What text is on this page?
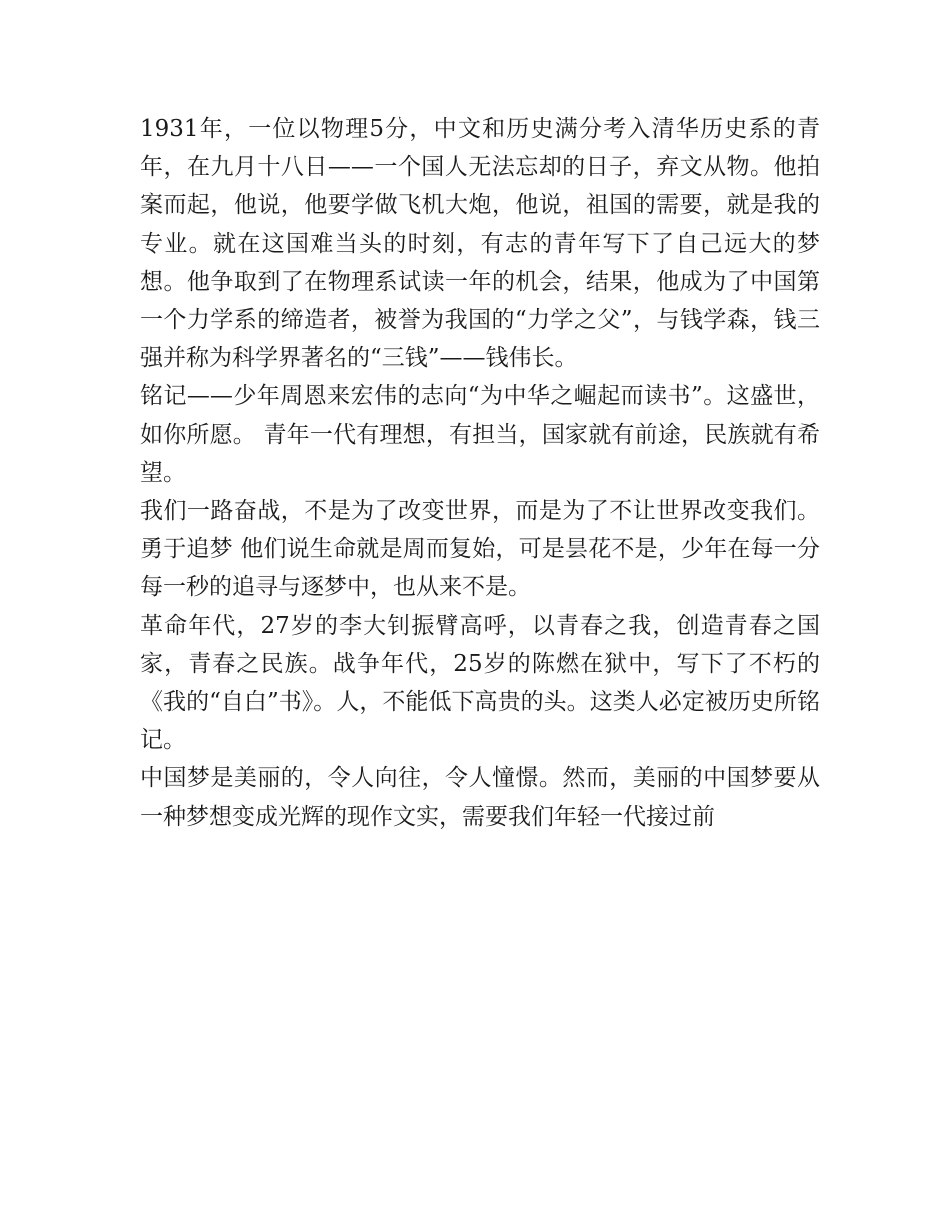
1931年，一位以物理5分，中文和历史满分考入清华历史系的青年，在九月十八日——一个国人无法忘却的日子，弃文从物。他拍案而起，他说，他要学做飞机大炮，他说，祖国的需要，就是我的专业。就在这国难当头的时刻，有志的青年写下了自己远大的梦想。他争取到了在物理系试读一年的机会，结果，他成为了中国第一个力学系的缔造者，被誉为我国的“力学之父”，与钱学森，钱三强并称为科学界著名的“三钱”——钱伟长。

铭记——少年周恩来宏伟的志向“为中华之崛起而读书”。这盛世，如你所愿。 青年一代有理想，有担当，国家就有前途，民族就有希望。

我们一路奋战，不是为了改变世界，而是为了不让世界改变我们。 勇于追梦 他们说生命就是周而复始，可是昙花不是，少年在每一分每一秒的追寻与逐梦中，也从来不是。

革命年代，27岁的李大钊振臂高呼，以青春之我，创造青春之国家，青春之民族。战争年代，25岁的陈燃在狱中，写下了不朽的《我的“自白”书》。人，不能低下高贵的头。这类人必定被历史所铭记。

中国梦是美丽的，令人向往，令人憧憬。然而，美丽的中国梦要从一种梦想变成光辉的现作文实，需要我们年轻一代接过前
